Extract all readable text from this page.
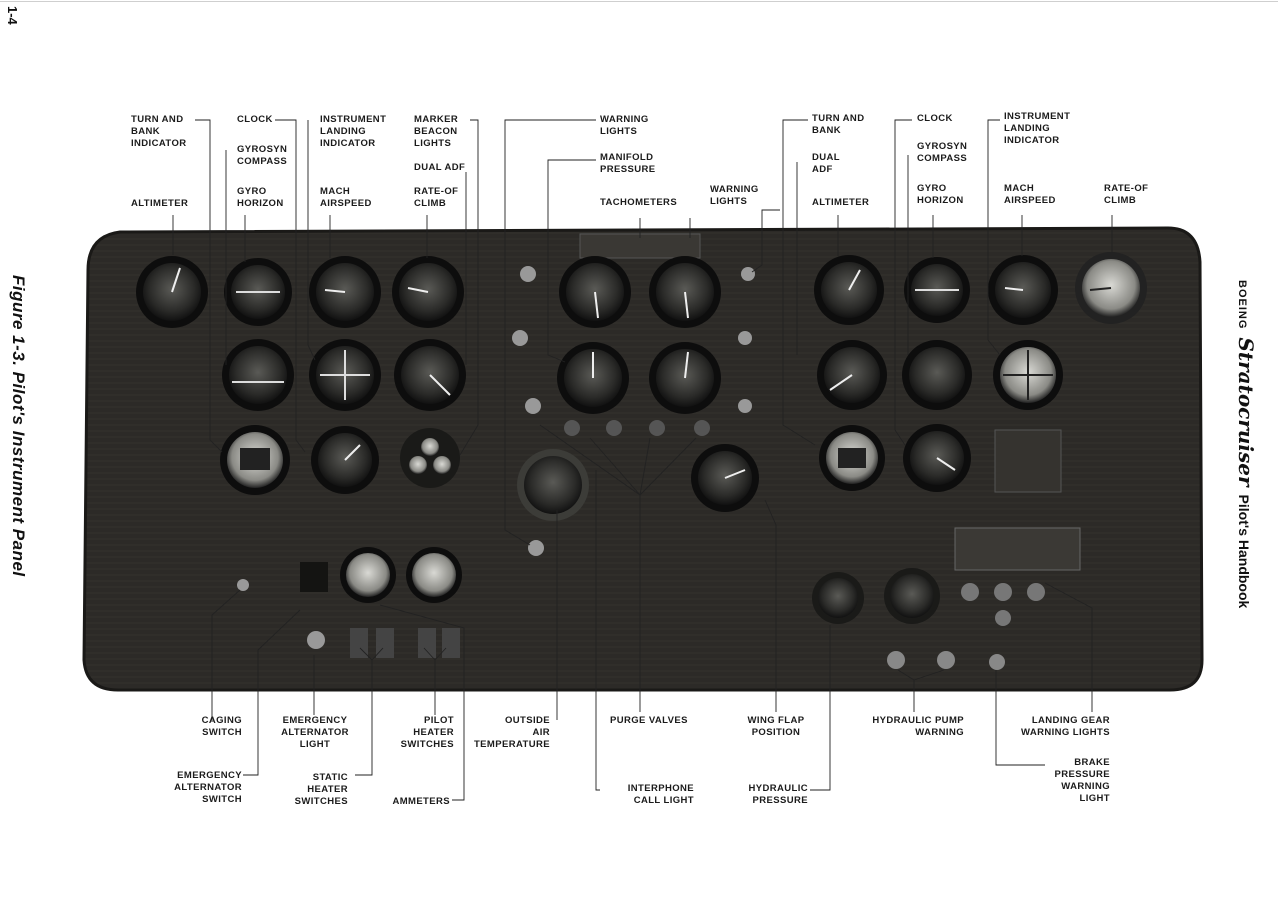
1-4
Figure 1-3. Pilot's Instrument Panel	BOEING
Stratocruiser
Pilot's Handbook
TURN AND
BANK
INDICATOR
CLOCK	INSTRUMENT
LANDING
INDICATOR
MARKER
BEACON
LIGHTS
GYROSYN
COMPASS
DUAL ADF
ALTIMETER
GYRO
HORIZON
MACH
AIRSPEED
RATE-OF
CLIMB
WARNING
LIGHTS
MANIFOLD
PRESSURE
TACHOMETERS
WARNING
LIGHTS
TURN AND
BANK
CLOCK	INSTRUMENT
LANDING
INDICATOR
DUAL
ADF
GYROSYN
COMPASS
ALTIMETER
GYRO
HORIZON
MACH
AIRSPEED
RATE-OF
CLIMB
CAGING
SWITCH
EMERGENCY
ALTERNATOR
LIGHT
PILOT
HEATER
SWITCHES
OUTSIDE
AIR
TEMPERATURE
PURGE VALVES	WING FLAP
POSITION
HYDRAULIC PUMP
WARNING
LANDING GEAR
WARNING LIGHTS
EMERGENCY
ALTERNATOR
SWITCH
STATIC
HEATER
SWITCHES	AMMETERS
INTERPHONE
CALL LIGHT
HYDRAULIC
PRESSURE
BRAKE
PRESSURE
WARNING
LIGHT
